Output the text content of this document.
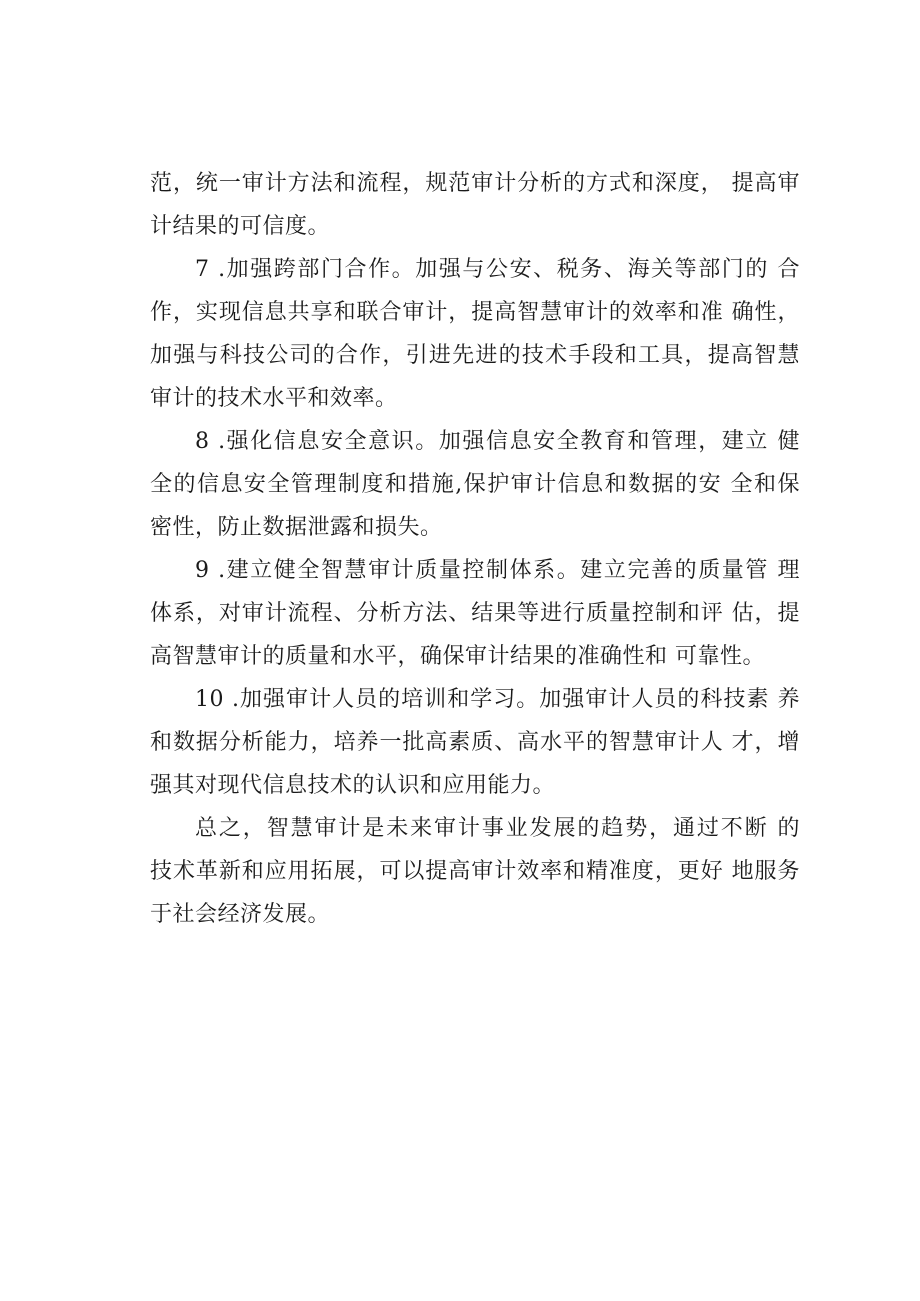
范，统一审计方法和流程，规范审计分析的方式和深度， 提高审
计结果的可信度。
7 .加强跨部门合作。加强与公安、税务、海关等部门的 合
作，实现信息共享和联合审计，提高智慧审计的效率和准 确性，
加强与科技公司的合作，引进先进的技术手段和工具，提高智慧
审计的技术水平和效率。
8 .强化信息安全意识。加强信息安全教育和管理，建立 健
全的信息安全管理制度和措施,保护审计信息和数据的安 全和保
密性，防止数据泄露和损失。
9 .建立健全智慧审计质量控制体系。建立完善的质量管 理
体系，对审计流程、分析方法、结果等进行质量控制和评 估，提
高智慧审计的质量和水平，确保审计结果的准确性和 可靠性。
10 .加强审计人员的培训和学习。加强审计人员的科技素 养
和数据分析能力，培养一批高素质、高水平的智慧审计人 才，增
强其对现代信息技术的认识和应用能力。
总之，智慧审计是未来审计事业发展的趋势，通过不断 的
技术革新和应用拓展，可以提高审计效率和精准度，更好 地服务
于社会经济发展。
